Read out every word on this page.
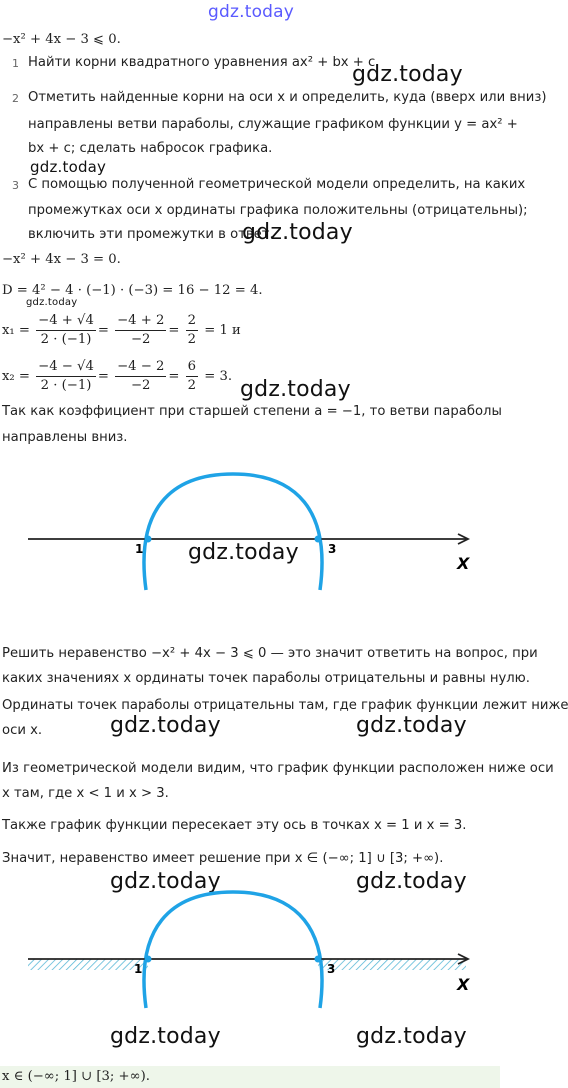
gdz.today
−x² + 4x − 3 ⩽ 0.
1 Найти корни квадратного уравнения ax² + bx + c.
gdz.today
2 Отметить найденные корни на оси x и определить, куда (вверх или вниз)
направлены ветви параболы, служащие графиком функции y = ax² +
bx + c; сделать набросок графика.
gdz.today
3 С помощью полученной геометрической модели определить, на каких
промежутках оси x ординаты графика положительны (отрицательны);
включить эти промежутки в ответ.
gdz.today
−x² + 4x − 3 = 0.
D = 4² − 4 · (−1) · (−3) = 16 − 12 = 4.
gdz.today
$x_1 = \frac{-4 + √4}{2 \cdot (-1)} = \frac{-4 + 2}{-2} = \frac{2}{2} = 1$ и
$x_2 = \frac{-4 - √4}{2 \cdot (-1)} = \frac{-4 - 2}{-2} = \frac{6}{2} = 3$.
gdz.today
Так как коэффициент при старшей степени a = −1, то ветви параболы
направлены вниз.
1	3
X
gdz.today
Решить неравенство −x² + 4x − 3 ⩽ 0 — это значит ответить на вопрос, при
каких значениях x ординаты точек параболы отрицательны и равны нулю.
Ординаты точек параболы отрицательны там, где график функции лежит ниже
оси x.	gdz.today	gdz.today
Из геометрической модели видим, что график функции расположен ниже оси
x там, где x < 1 и x > 3.
Также график функции пересекает эту ось в точках x = 1 и x = 3.
Значит, неравенство имеет решение при x ∈ (−∞; 1] ∪ [3; +∞).
gdz.today	gdz.today
1	3
X
gdz.today	gdz.today
x ∈ (−∞; 1] ∪ [3; +∞).
